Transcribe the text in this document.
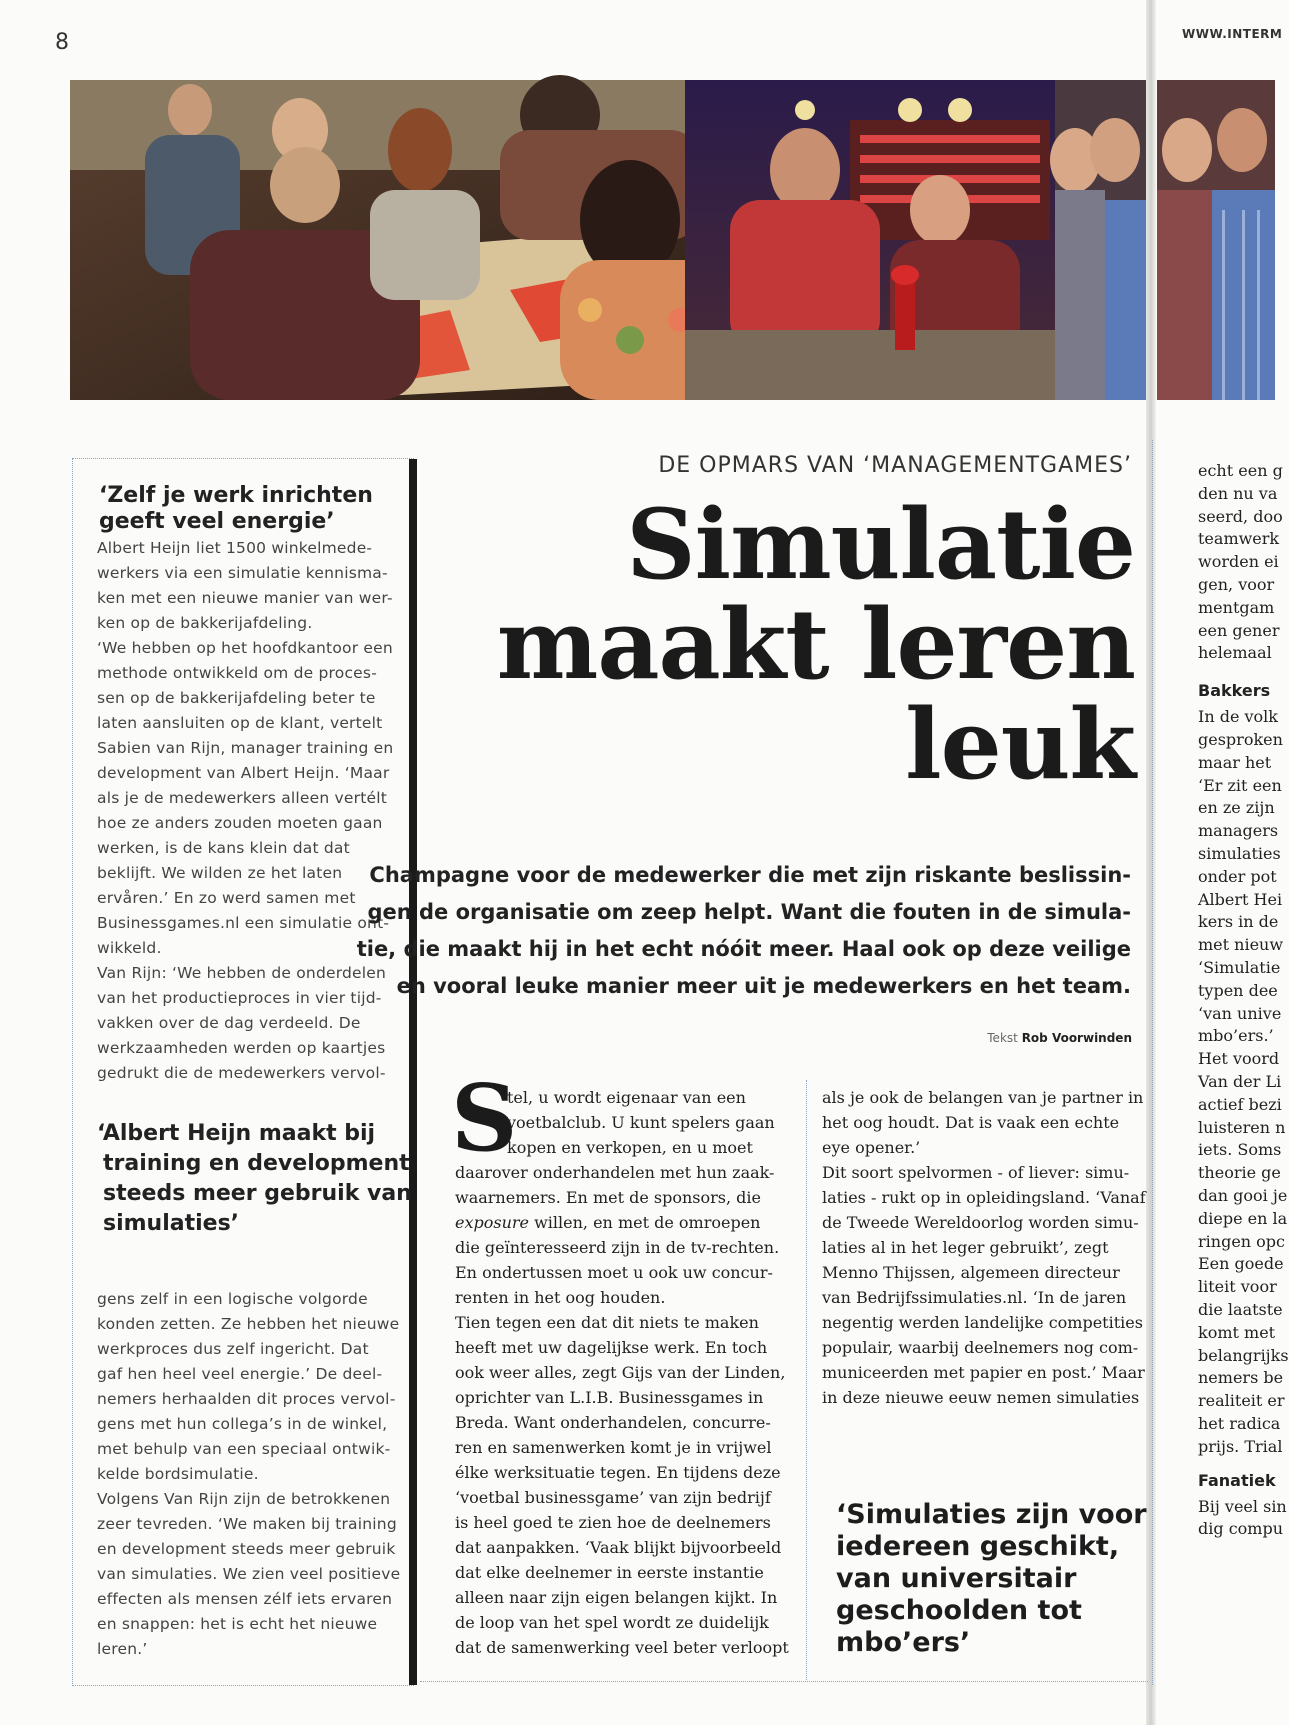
8	WWW.INTERM
echt een g
den nu va
seerd, doo
teamwerk
worden ei
gen, voor
mentgam
een gener
helemaal
Bakkers
In de volk
gesproken
maar het
‘Er zit een
en ze zijn
managers
simulaties
onder pot
Albert Hei
kers in de
met nieuw
‘Simulatie
typen dee
‘van unive
mbo’ers.’
Het voord
Van der Li
actief bezi
luisteren n
iets. Soms
theorie ge
dan gooi je
diepe en la
ringen opc
Een goede
liteit voor
die laatste
komt met
belangrijks
nemers be
realiteit er
het radica
prijs. Trial
Fanatiek
Bij veel sin
dig compu
‘Zelf je werk inrichten
geeft veel energie’
Albert Heijn liet 1500 winkelmede-
werkers via een simulatie kennisma-
ken met een nieuwe manier van wer-
ken op de bakkerijafdeling.
‘We hebben op het hoofdkantoor een
methode ontwikkeld om de proces-
sen op de bakkerijafdeling beter te
laten aansluiten op de klant, vertelt
Sabien van Rijn, manager training en
development van Albert Heijn. ‘Maar
als je de medewerkers alleen vertélt
hoe ze anders zouden moeten gaan
werken, is de kans klein dat dat
beklijft. We wilden ze het laten
ervåren.’ En zo werd samen met
Businessgames.nl een simulatie ont-
wikkeld.
Van Rijn: ‘We hebben de onderdelen
van het productieproces in vier tijd-
vakken over de dag verdeeld. De
werkzaamheden werden op kaartjes
gedrukt die de medewerkers vervol-
‘Albert Heijn maakt bij
training en development
steeds meer gebruik van
simulaties’
gens zelf in een logische volgorde
konden zetten. Ze hebben het nieuwe
werkproces dus zelf ingericht. Dat
gaf hen heel veel energie.’ De deel-
nemers herhaalden dit proces vervol-
gens met hun collega’s in de winkel,
met behulp van een speciaal ontwik-
kelde bordsimulatie.
Volgens Van Rijn zijn de betrokkenen
zeer tevreden. ‘We maken bij training
en development steeds meer gebruik
van simulaties. We zien veel positieve
effecten als mensen zélf iets ervaren
en snappen: het is echt het nieuwe
leren.’
DE OPMARS VAN ‘MANAGEMENTGAMES’
Simulatie
maakt leren
leuk
Champagne voor de medewerker die met zijn riskante beslissin-
gen de organisatie om zeep helpt. Want die fouten in de simula-
tie, die maakt hij in het echt nóóit meer. Haal ook op deze veilige
en vooral leuke manier meer uit je medewerkers en het team.
Tekst Rob Voorwinden
S
tel, u wordt eigenaar van een
voetbalclub. U kunt spelers gaan
kopen en verkopen, en u moet
daarover onderhandelen met hun zaak-
waarnemers. En met de sponsors, die
exposure willen, en met de omroepen
die geïnteresseerd zijn in de tv-rechten.
En ondertussen moet u ook uw concur-
renten in het oog houden.
Tien tegen een dat dit niets te maken
heeft met uw dagelijkse werk. En toch
ook weer alles, zegt Gijs van der Linden,
oprichter van L.I.B. Businessgames in
Breda. Want onderhandelen, concurre-
ren en samenwerken komt je in vrijwel
élke werksituatie tegen. En tijdens deze
‘voetbal businessgame’ van zijn bedrijf
is heel goed te zien hoe de deelnemers
dat aanpakken. ‘Vaak blijkt bijvoorbeeld
dat elke deelnemer in eerste instantie
alleen naar zijn eigen belangen kijkt. In
de loop van het spel wordt ze duidelijk
dat de samenwerking veel beter verloopt
als je ook de belangen van je partner in
het oog houdt. Dat is vaak een echte
eye opener.’
Dit soort spelvormen - of liever: simu-
laties - rukt op in opleidingsland. ‘Vanaf
de Tweede Wereldoorlog worden simu-
laties al in het leger gebruikt’, zegt
Menno Thijssen, algemeen directeur
van Bedrijfssimulaties.nl. ‘In de jaren
negentig werden landelijke competities
populair, waarbij deelnemers nog com-
municeerden met papier en post.’ Maar
in deze nieuwe eeuw nemen simulaties
‘Simulaties zijn voor
iedereen geschikt,
van universitair
geschoolden tot
mbo’ers’
